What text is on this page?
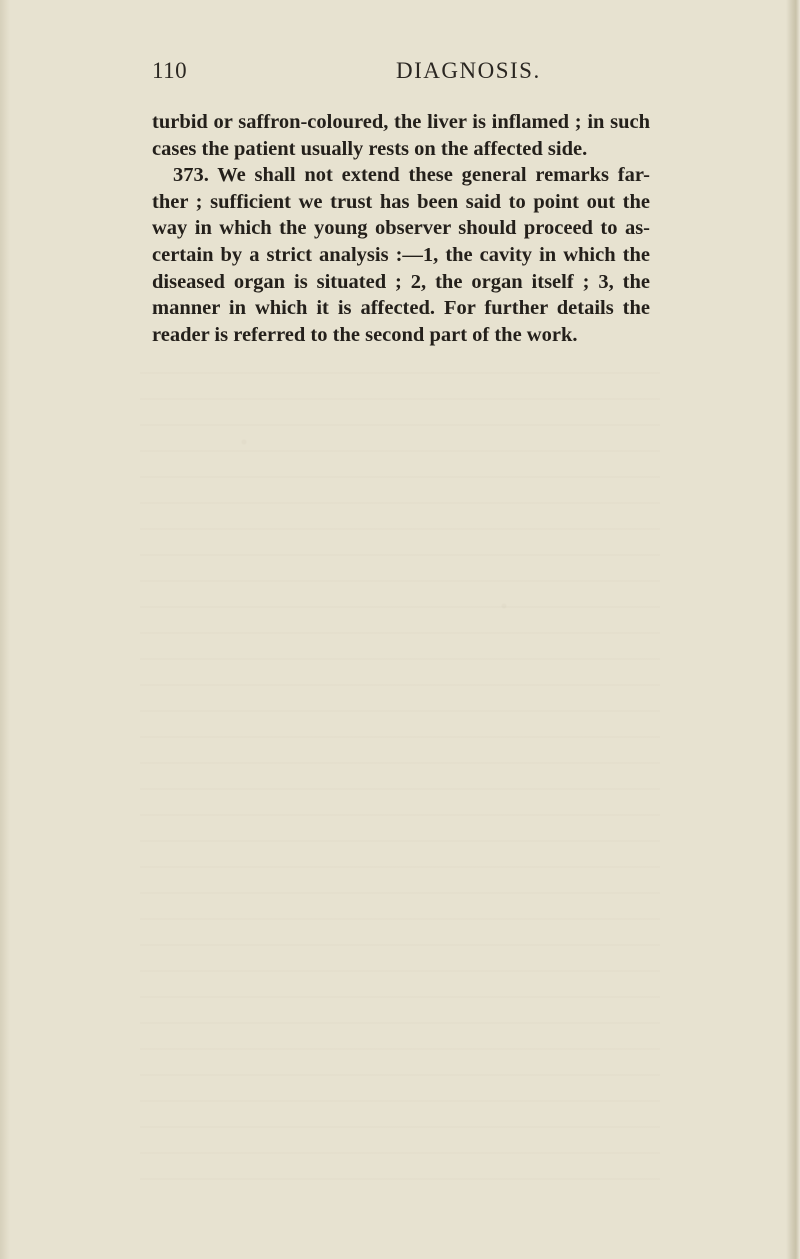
110	DIAGNOSIS.
turbid or saffron-coloured, the liver is inflamed ; in such
cases the patient usually rests on the affected side.
373. We shall not extend these general remarks far-
ther ; sufficient we trust has been said to point out the
way in which the young observer should proceed to as-
certain by a strict analysis :—1, the cavity in which the
diseased organ is situated ; 2, the organ itself ; 3, the
manner in which it is affected. For further details the
reader is referred to the second part of the work.
